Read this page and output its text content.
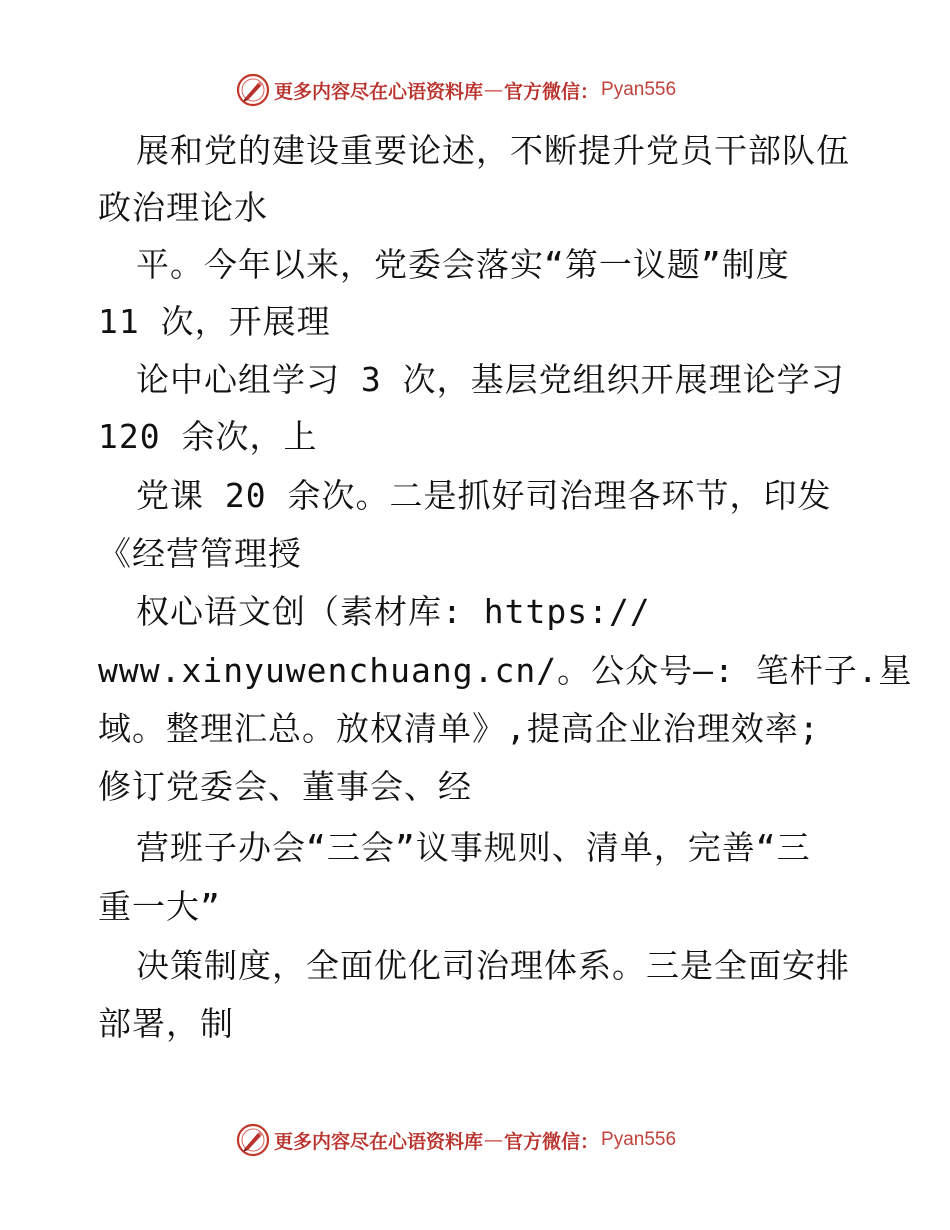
更多内容尽在心语资料库 — 官方微信： Pyan556
展和党的建设重要论述，不断提升党员干部队伍
政治理论水
平。今年以来，党委会落实“第一议题”制度
11 次，开展理
论中心组学习 3 次，基层党组织开展理论学习
120 余次，上
党课 20 余次。二是抓好司治理各环节，印发
《经营管理授
权心语文创（素材库: https://
www.xinyuwenchuang.cn/。公众号—: 笔杆子.星
域。整理汇总。放权清单》,提高企业治理效率;
修订党委会、董事会、经
营班子办会“三会”议事规则、清单，完善“三
重一大”
决策制度，全面优化司治理体系。三是全面安排
部署，制
更多内容尽在心语资料库 — 官方微信： Pyan556
